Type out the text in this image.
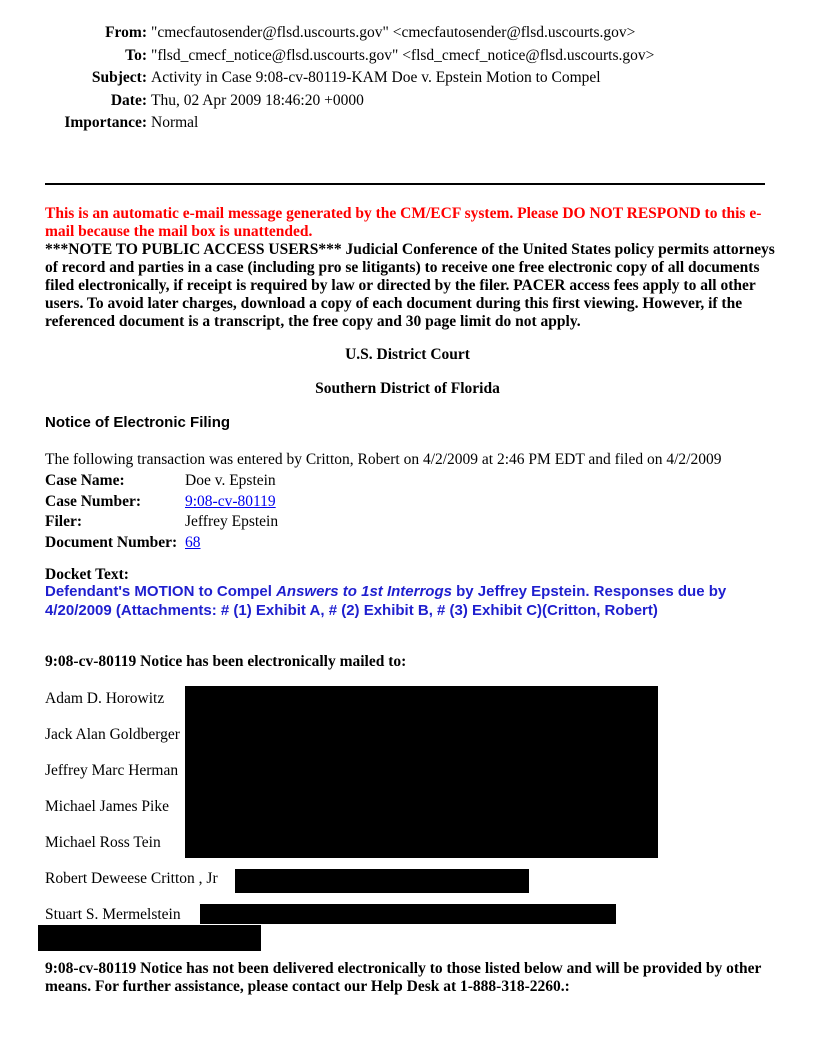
From: "cmecfautosender@flsd.uscourts.gov" <cmecfautosender@flsd.uscourts.gov>
To: "flsd_cmecf_notice@flsd.uscourts.gov" <flsd_cmecf_notice@flsd.uscourts.gov>
Subject: Activity in Case 9:08-cv-80119-KAM Doe v. Epstein Motion to Compel
Date: Thu, 02 Apr 2009 18:46:20 +0000
Importance: Normal
This is an automatic e-mail message generated by the CM/ECF system. Please DO NOT RESPOND to this e-mail because the mail box is unattended.
***NOTE TO PUBLIC ACCESS USERS*** Judicial Conference of the United States policy permits attorneys of record and parties in a case (including pro se litigants) to receive one free electronic copy of all documents filed electronically, if receipt is required by law or directed by the filer. PACER access fees apply to all other users. To avoid later charges, download a copy of each document during this first viewing. However, if the referenced document is a transcript, the free copy and 30 page limit do not apply.
U.S. District Court
Southern District of Florida
Notice of Electronic Filing
The following transaction was entered by Critton, Robert on 4/2/2009 at 2:46 PM EDT and filed on 4/2/2009
Case Name:	Doe v. Epstein
Case Number:	9:08-cv-80119
Filer:	Jeffrey Epstein
Document Number: 68
Docket Text:
Defendant's MOTION to Compel Answers to 1st Interrogs by Jeffrey Epstein. Responses due by 4/20/2009 (Attachments: # (1) Exhibit A, # (2) Exhibit B, # (3) Exhibit C)(Critton, Robert)
9:08-cv-80119 Notice has been electronically mailed to:
Adam D. Horowitz
Jack Alan Goldberger
Jeffrey Marc Herman
Michael James Pike
Michael Ross Tein
Robert Deweese Critton , Jr
Stuart S. Mermelstein
9:08-cv-80119 Notice has not been delivered electronically to those listed below and will be provided by other means. For further assistance, please contact our Help Desk at 1-888-318-2260.:
